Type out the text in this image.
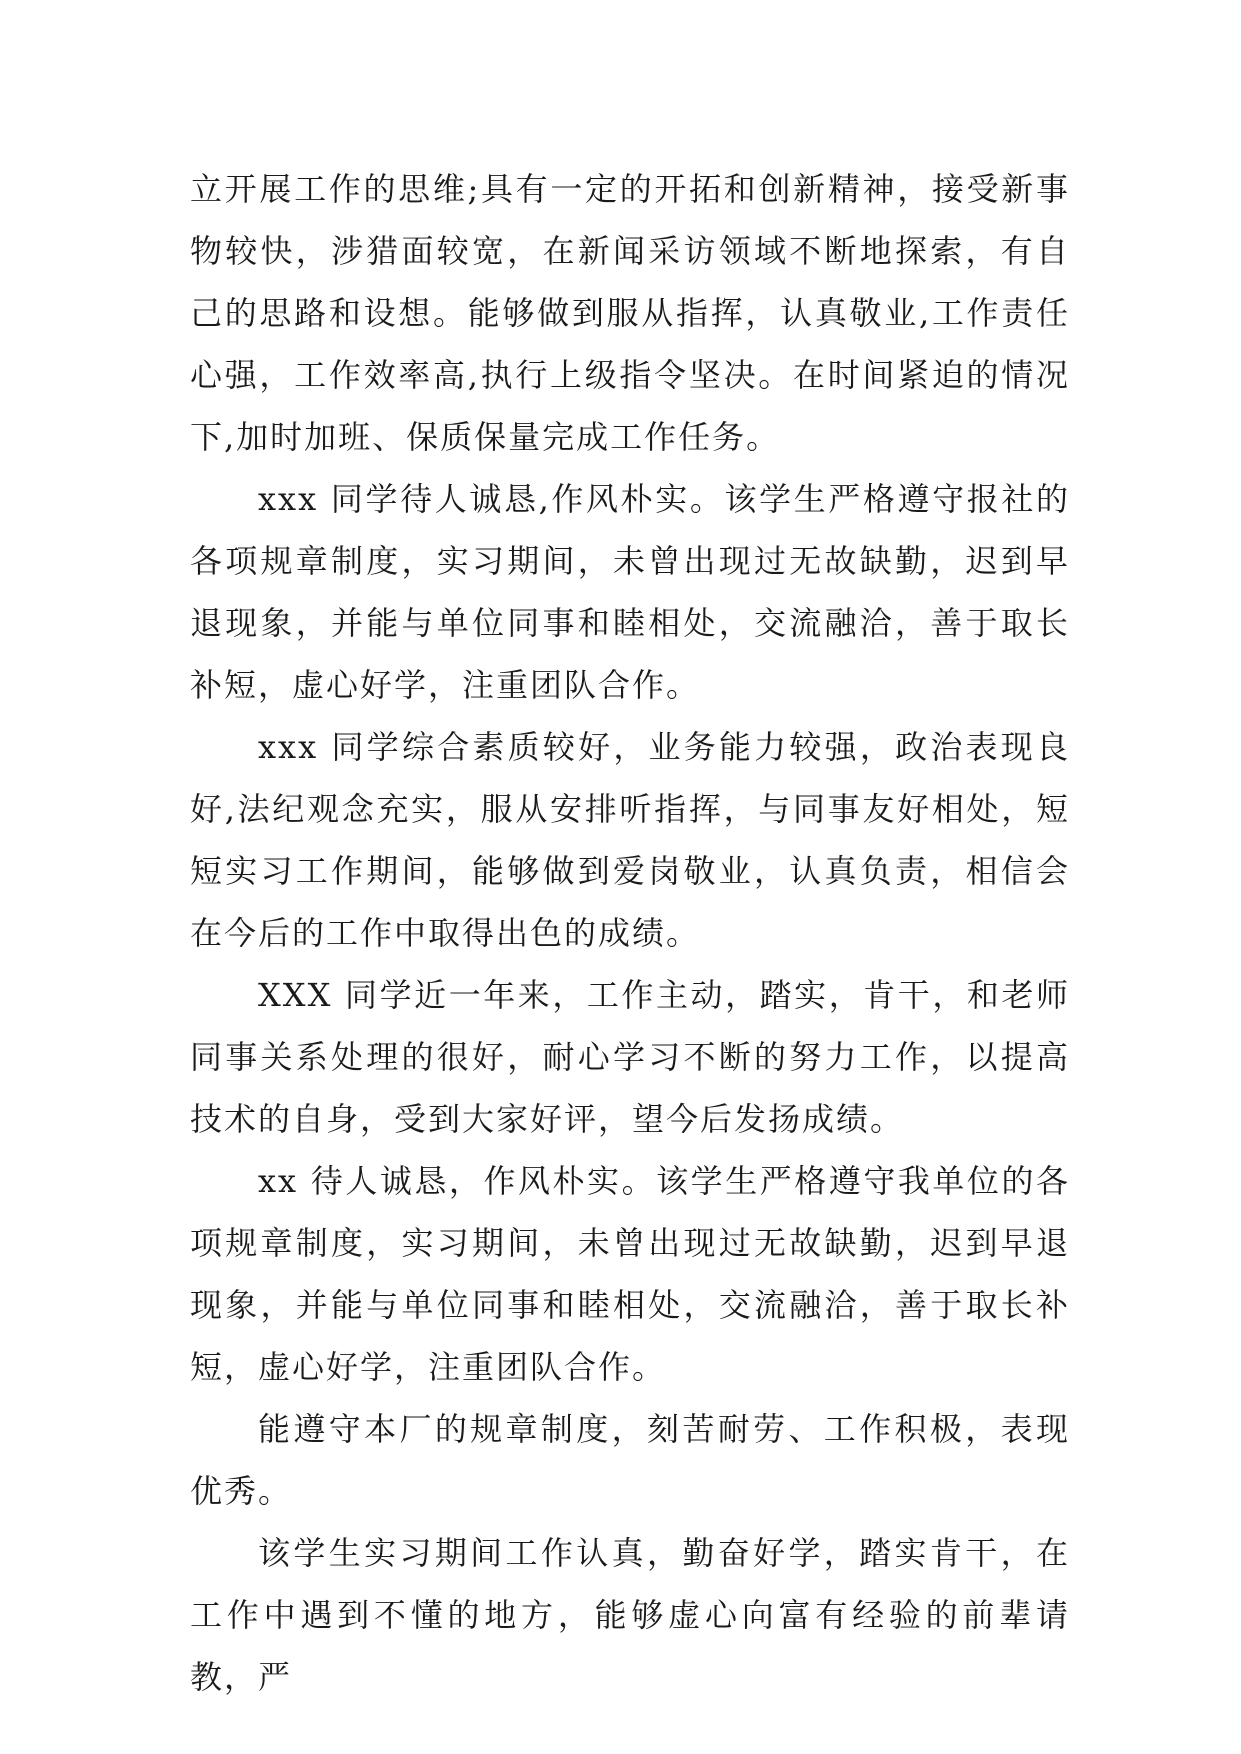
立开展工作的思维;具有一定的开拓和创新精神，接受新事物较快，涉猎面较宽，在新闻采访领域不断地探索，有自己的思路和设想。能够做到服从指挥，认真敬业,工作责任心强，工作效率高,执行上级指令坚决。在时间紧迫的情况下,加时加班、保质保量完成工作任务。

xxx 同学待人诚恳,作风朴实。该学生严格遵守报社的各项规章制度，实习期间，未曾出现过无故缺勤，迟到早退现象，并能与单位同事和睦相处，交流融洽，善于取长补短，虚心好学，注重团队合作。

xxx 同学综合素质较好，业务能力较强，政治表现良好,法纪观念充实，服从安排听指挥，与同事友好相处，短短实习工作期间，能够做到爱岗敬业，认真负责，相信会在今后的工作中取得出色的成绩。

XXX 同学近一年来，工作主动，踏实，肯干，和老师同事关系处理的很好，耐心学习不断的努力工作，以提高技术的自身，受到大家好评，望今后发扬成绩。

xx 待人诚恳，作风朴实。该学生严格遵守我单位的各项规章制度，实习期间，未曾出现过无故缺勤，迟到早退现象，并能与单位同事和睦相处，交流融洽，善于取长补短，虚心好学，注重团队合作。

能遵守本厂的规章制度，刻苦耐劳、工作积极，表现优秀。

该学生实习期间工作认真，勤奋好学，踏实肯干，在工作中遇到不懂的地方，能够虚心向富有经验的前辈请教，严
